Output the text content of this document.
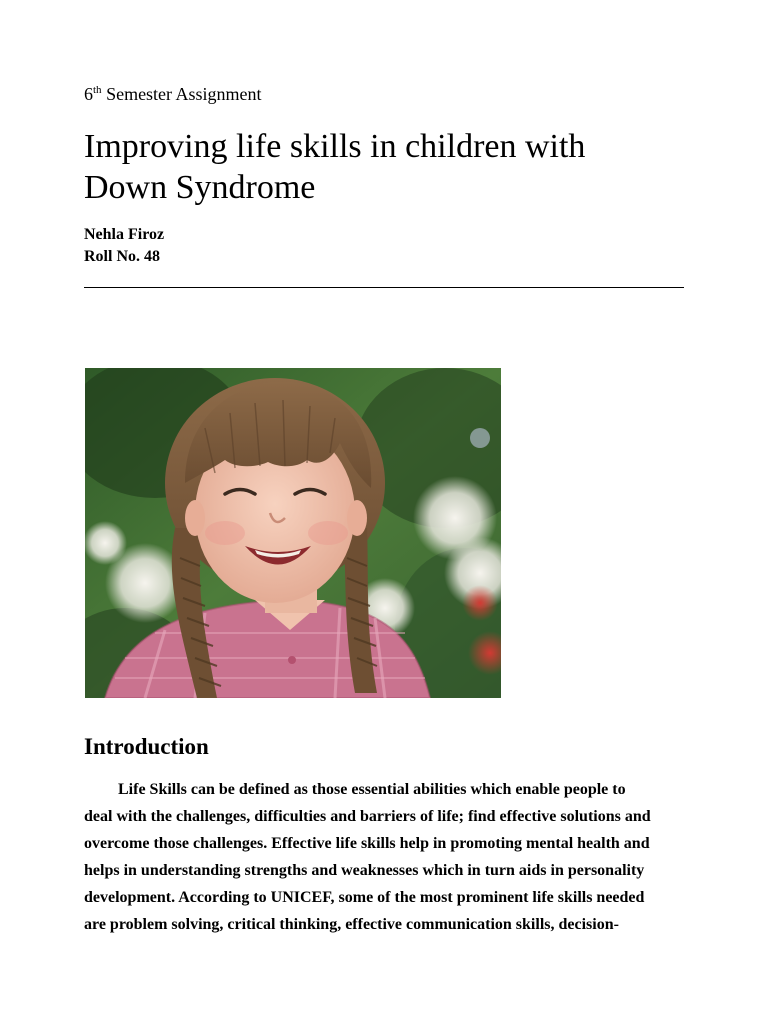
6th Semester Assignment

Improving life skills in children with
Down Syndrome

Nehla Firoz
Roll No. 48

Introduction

Life Skills can be defined as those essential abilities which enable people to
deal with the challenges, difficulties and barriers of life; find effective solutions and
overcome those challenges. Effective life skills help in promoting mental health and
helps in understanding strengths and weaknesses which in turn aids in personality
development. According to UNICEF, some of the most prominent life skills needed
are problem solving, critical thinking, effective communication skills, decision-
